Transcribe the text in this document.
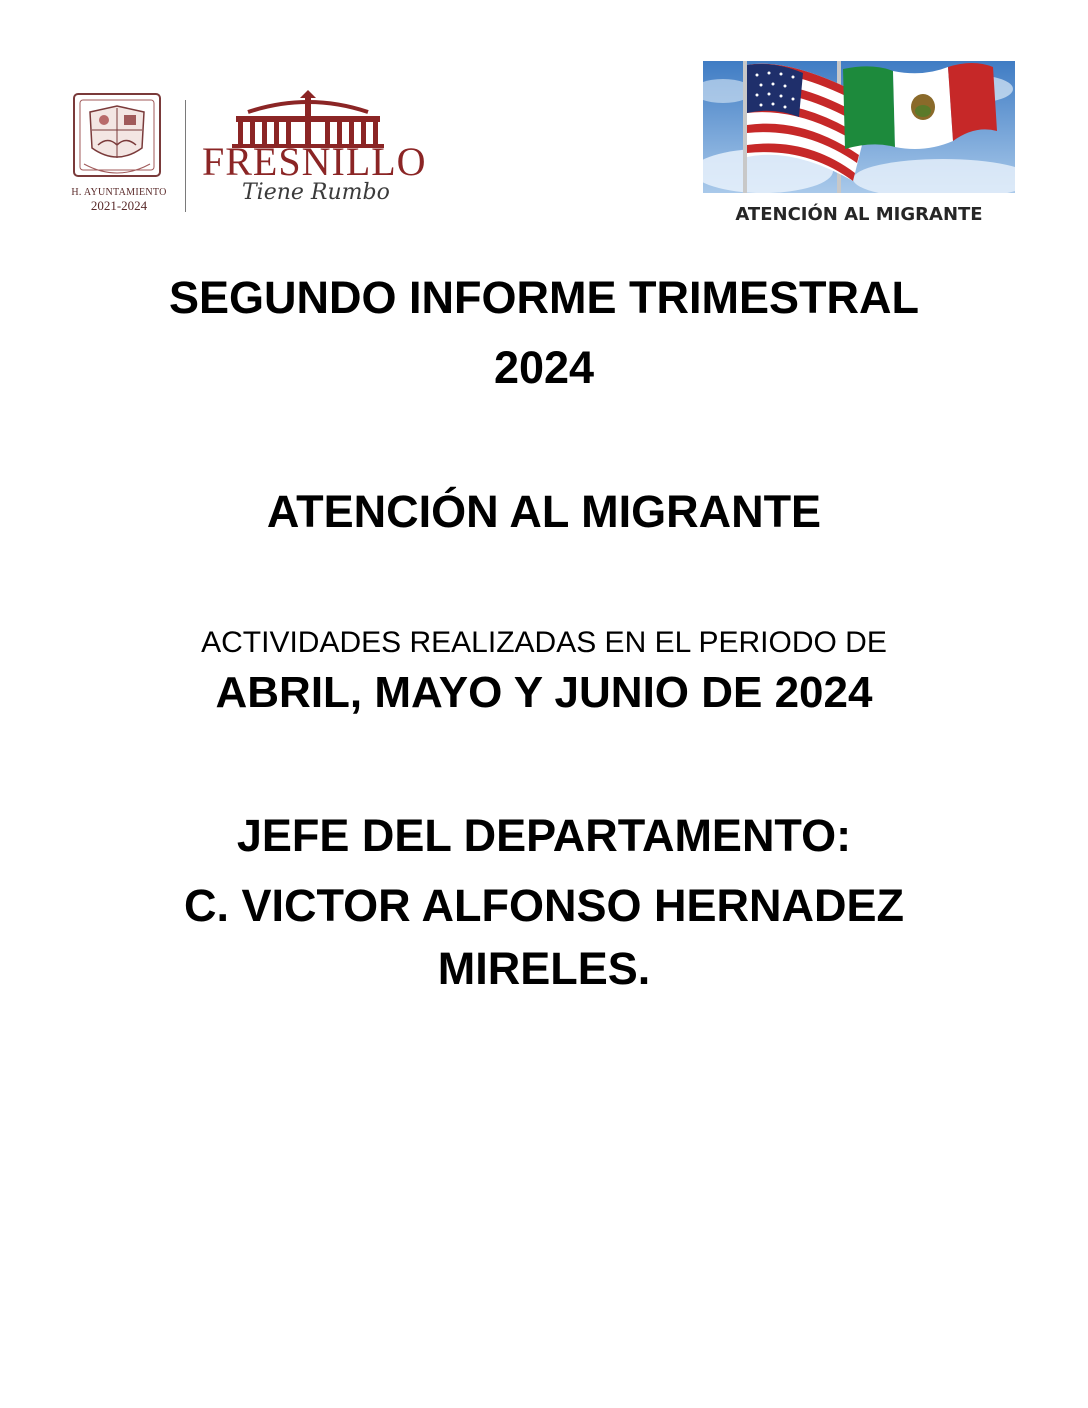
H. AYUNTAMIENTO
2021-2024
FRESNILLO
Tiene Rumbo
ATENCIÓN AL MIGRANTE
SEGUNDO INFORME TRIMESTRAL
2024
ATENCIÓN AL MIGRANTE
ACTIVIDADES REALIZADAS EN EL PERIODO DE
ABRIL, MAYO Y JUNIO DE 2024
JEFE DEL DEPARTAMENTO:
C. VICTOR ALFONSO HERNADEZ
MIRELES.
